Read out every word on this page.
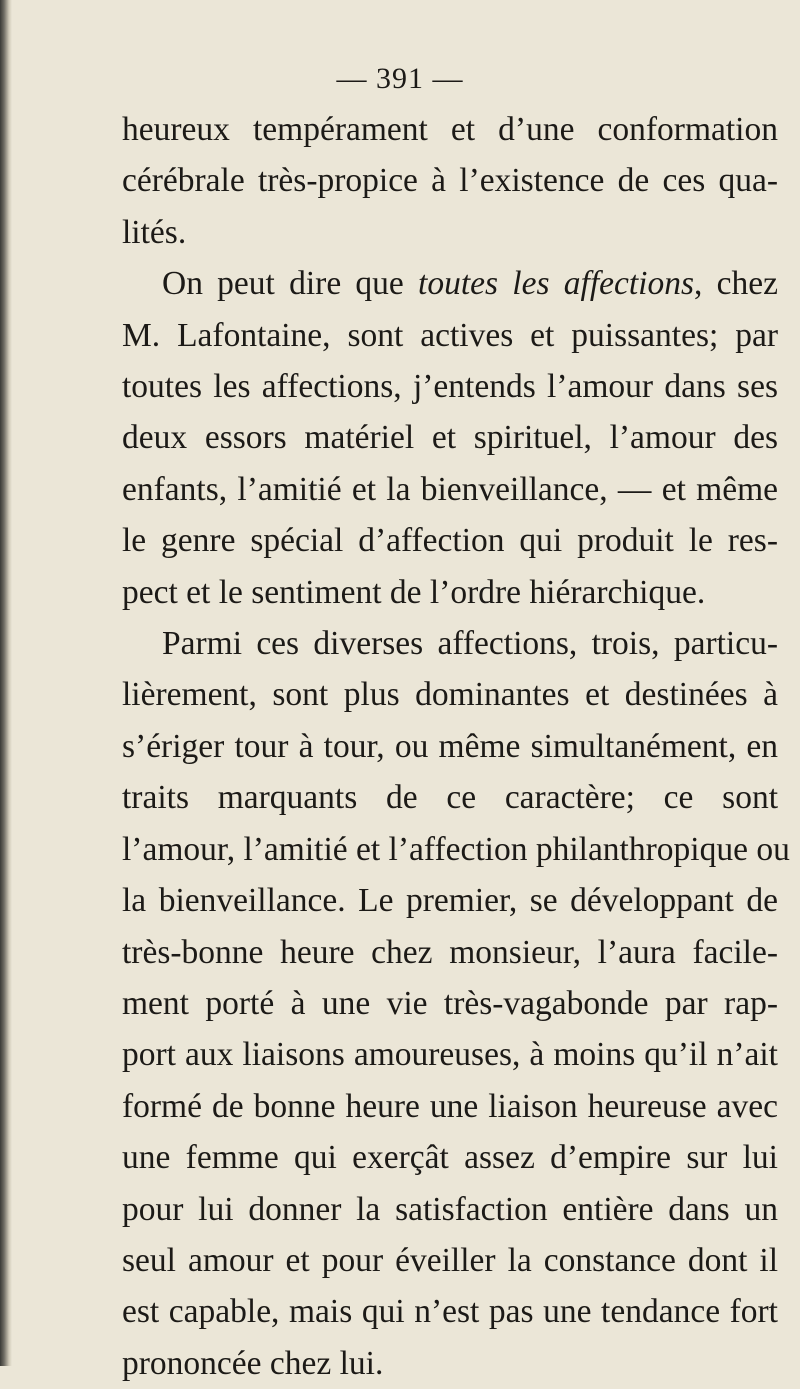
— 391 —
heureux tempérament et d’une conformation
cérébrale très-propice à l’existence de ces qua-
lités.
On peut dire que toutes les affections, chez
M. Lafontaine, sont actives et puissantes; par
toutes les affections, j’entends l’amour dans ses
deux essors matériel et spirituel, l’amour des
enfants, l’amitié et la bienveillance, — et même
le genre spécial d’affection qui produit le res-
pect et le sentiment de l’ordre hiérarchique.
Parmi ces diverses affections, trois, particu-
lièrement, sont plus dominantes et destinées à
s’ériger tour à tour, ou même simultanément, en
traits marquants de ce caractère; ce sont
l’amour, l’amitié et l’affection philanthropique ou
la bienveillance. Le premier, se développant de
très-bonne heure chez monsieur, l’aura facile-
ment porté à une vie très-vagabonde par rap-
port aux liaisons amoureuses, à moins qu’il n’ait
formé de bonne heure une liaison heureuse avec
une femme qui exerçât assez d’empire sur lui
pour lui donner la satisfaction entière dans un
seul amour et pour éveiller la constance dont il
est capable, mais qui n’est pas une tendance fort
prononcée chez lui.
